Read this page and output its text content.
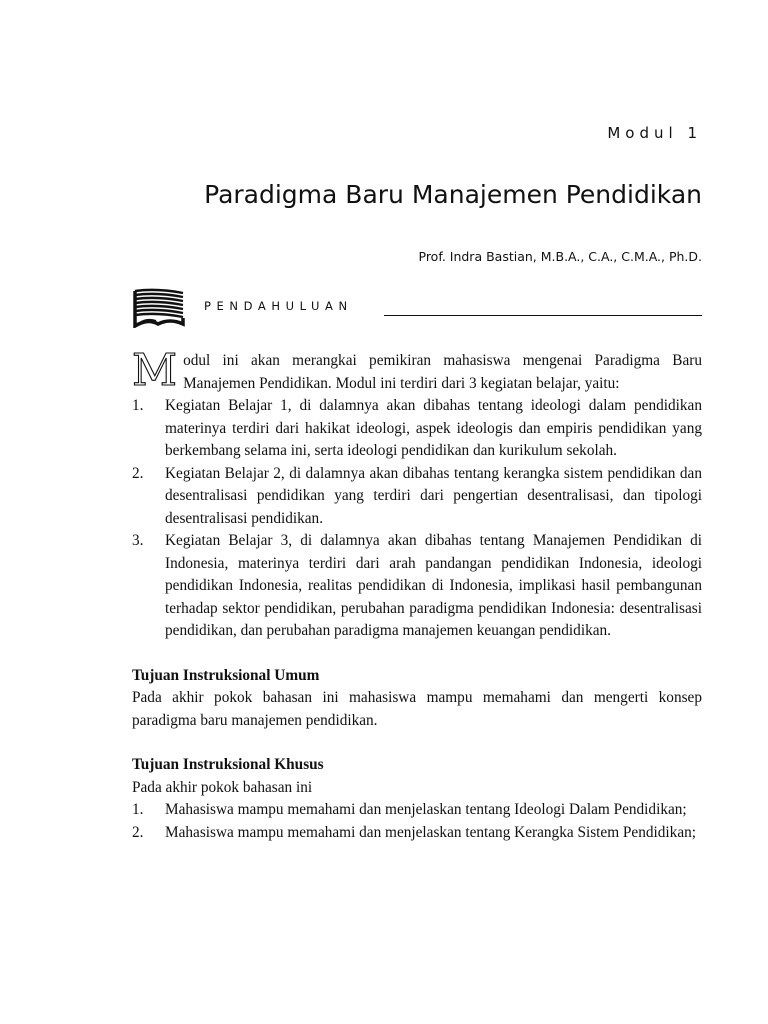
Modul 1
Paradigma Baru Manajemen Pendidikan
Prof. Indra Bastian, M.B.A., C.A., C.M.A., Ph.D.
PENDAHULUAN

Modul ini akan merangkai pemikiran mahasiswa mengenai Paradigma Baru Manajemen Pendidikan. Modul ini terdiri dari 3 kegiatan belajar, yaitu:

1. Kegiatan Belajar 1, di dalamnya akan dibahas tentang ideologi dalam pendidikan materinya terdiri dari hakikat ideologi, aspek ideologis dan empiris pendidikan yang berkembang selama ini, serta ideologi pendidikan dan kurikulum sekolah.
2. Kegiatan Belajar 2, di dalamnya akan dibahas tentang kerangka sistem pendidikan dan desentralisasi pendidikan yang terdiri dari pengertian desentralisasi, dan tipologi desentralisasi pendidikan.
3. Kegiatan Belajar 3, di dalamnya akan dibahas tentang Manajemen Pendidikan di Indonesia, materinya terdiri dari arah pandangan pendidikan Indonesia, ideologi pendidikan Indonesia, realitas pendidikan di Indonesia, implikasi hasil pembangunan terhadap sektor pendidikan, perubahan paradigma pendidikan Indonesia: desentralisasi pendidikan, dan perubahan paradigma manajemen keuangan pendidikan.

Tujuan Instruksional Umum

Pada akhir pokok bahasan ini mahasiswa mampu memahami dan mengerti konsep paradigma baru manajemen pendidikan.

Tujuan Instruksional Khusus

Pada akhir pokok bahasan ini

1. Mahasiswa mampu memahami dan menjelaskan tentang Ideologi Dalam Pendidikan;
2. Mahasiswa mampu memahami dan menjelaskan tentang Kerangka Sistem Pendidikan;
